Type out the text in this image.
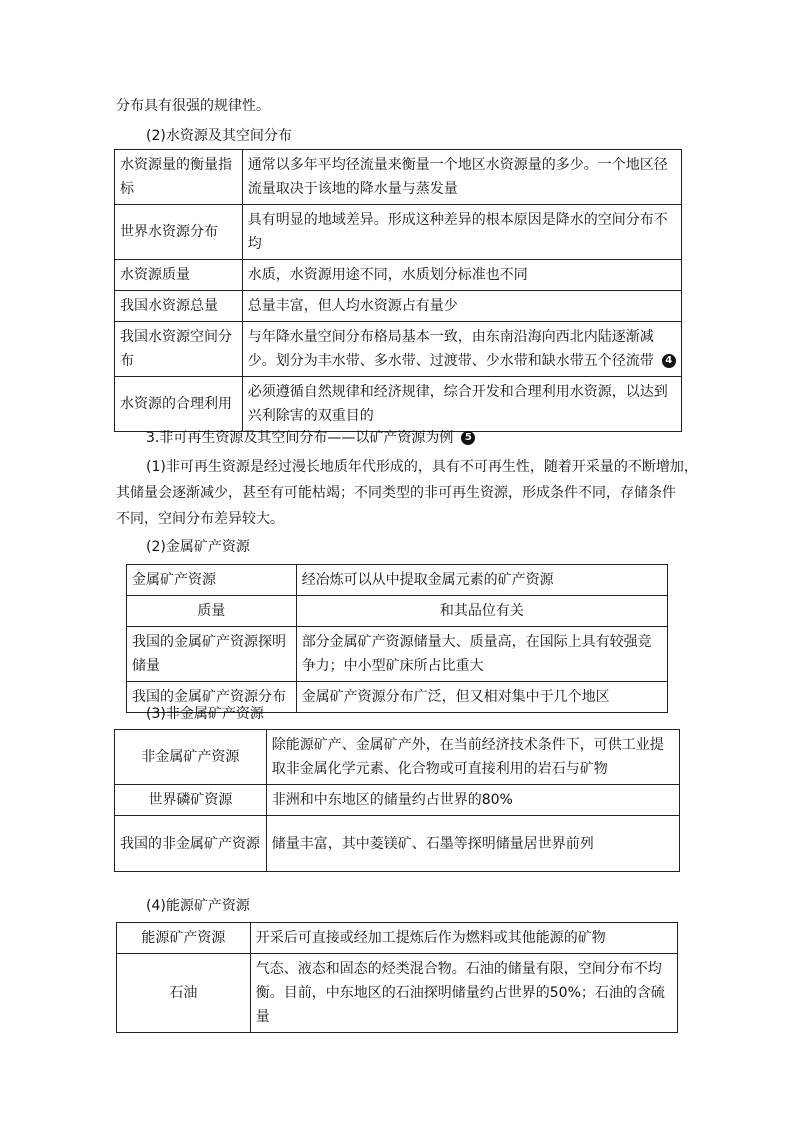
分布具有很强的规律性。
(2)水资源及其空间分布
水资源量的衡量指标	通常以多年平均径流量来衡量一个地区水资源量的多少。一个地区径流量取决于该地的降水量与蒸发量
世界水资源分布	具有明显的地域差异。形成这种差异的根本原因是降水的空间分布不均
水资源质量	水质，水资源用途不同，水质划分标准也不同
我国水资源总量	总量丰富，但人均水资源占有量少
我国水资源空间分布	与年降水量空间分布格局基本一致，由东南沿海向西北内陆逐渐减少。划分为丰水带、多水带、过渡带、少水带和缺水带五个径流带 4
水资源的合理利用	必须遵循自然规律和经济规律，综合开发和合理利用水资源，以达到兴利除害的双重目的
3.非可再生资源及其空间分布——以矿产资源为例 5
(1)非可再生资源是经过漫长地质年代形成的，具有不可再生性，随着开采量的不断增加，
其储量会逐渐减少，甚至有可能枯竭；不同类型的非可再生资源，形成条件不同，存储条件
不同，空间分布差异较大。
(2)金属矿产资源
金属矿产资源	经冶炼可以从中提取金属元素的矿产资源
质量	和其品位有关
我国的金属矿产资源探明储量	部分金属矿产资源储量大、质量高，在国际上具有较强竞争力；中小型矿床所占比重大
我国的金属矿产资源分布	金属矿产资源分布广泛，但又相对集中于几个地区
(3)非金属矿产资源
非金属矿产资源	除能源矿产、金属矿产外，在当前经济技术条件下，可供工业提取非金属化学元素、化合物或可直接利用的岩石与矿物
世界磷矿资源	非洲和中东地区的储量约占世界的80%
我国的非金属矿产资源	储量丰富，其中菱镁矿、石墨等探明储量居世界前列
(4)能源矿产资源
能源矿产资源	开采后可直接或经加工提炼后作为燃料或其他能源的矿物
石油	气态、液态和固态的烃类混合物。石油的储量有限，空间分布不均衡。目前，中东地区的石油探明储量约占世界的50%；石油的含硫量
